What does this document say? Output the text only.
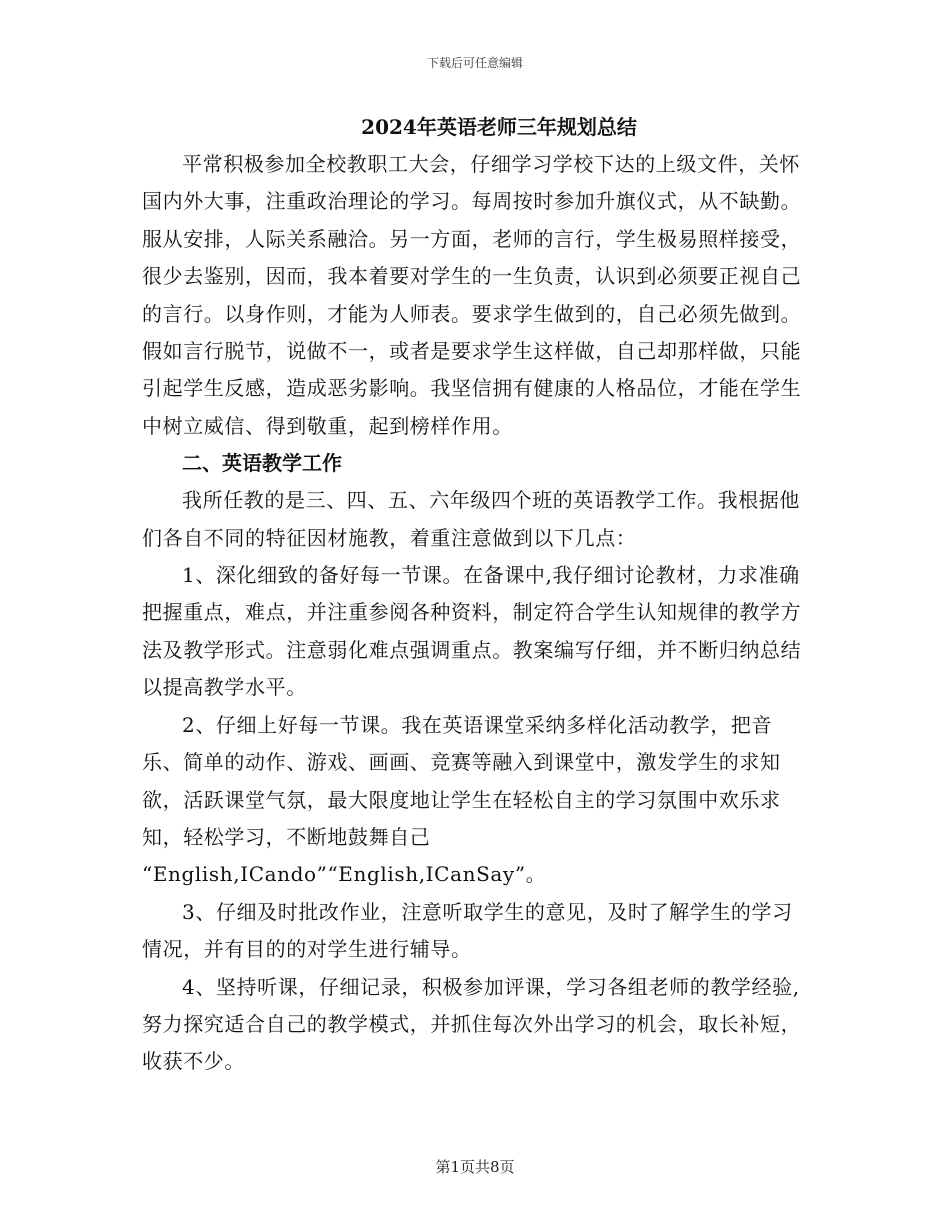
下载后可任意编辑
2024年英语老师三年规划总结

平常积极参加全校教职工大会，仔细学习学校下达的上级文件，关怀国内外大事，注重政治理论的学习。每周按时参加升旗仪式，从不缺勤。服从安排，人际关系融洽。另一方面，老师的言行，学生极易照样接受，很少去鉴别，因而，我本着要对学生的一生负责，认识到必须要正视自己的言行。以身作则，才能为人师表。要求学生做到的，自己必须先做到。假如言行脱节，说做不一，或者是要求学生这样做，自己却那样做，只能引起学生反感，造成恶劣影响。我坚信拥有健康的人格品位，才能在学生中树立威信、得到敬重，起到榜样作用。

二、英语教学工作

我所任教的是三、四、五、六年级四个班的英语教学工作。我根据他们各自不同的特征因材施教，着重注意做到以下几点：

1、深化细致的备好每一节课。在备课中,我仔细讨论教材，力求准确把握重点，难点，并注重参阅各种资料，制定符合学生认知规律的教学方法及教学形式。注意弱化难点强调重点。教案编写仔细，并不断归纳总结以提高教学水平。

2、仔细上好每一节课。我在英语课堂采纳多样化活动教学，把音乐、简单的动作、游戏、画画、竞赛等融入到课堂中，激发学生的求知欲，活跃课堂气氛，最大限度地让学生在轻松自主的学习氛围中欢乐求知，轻松学习，不断地鼓舞自己

“English,ICando”“English,ICanSay”。

3、仔细及时批改作业，注意听取学生的意见，及时了解学生的学习情况，并有目的的对学生进行辅导。

4、坚持听课，仔细记录，积极参加评课，学习各组老师的教学经验,努力探究适合自己的教学模式，并抓住每次外出学习的机会，取长补短，收获不少。

第1页共8页
